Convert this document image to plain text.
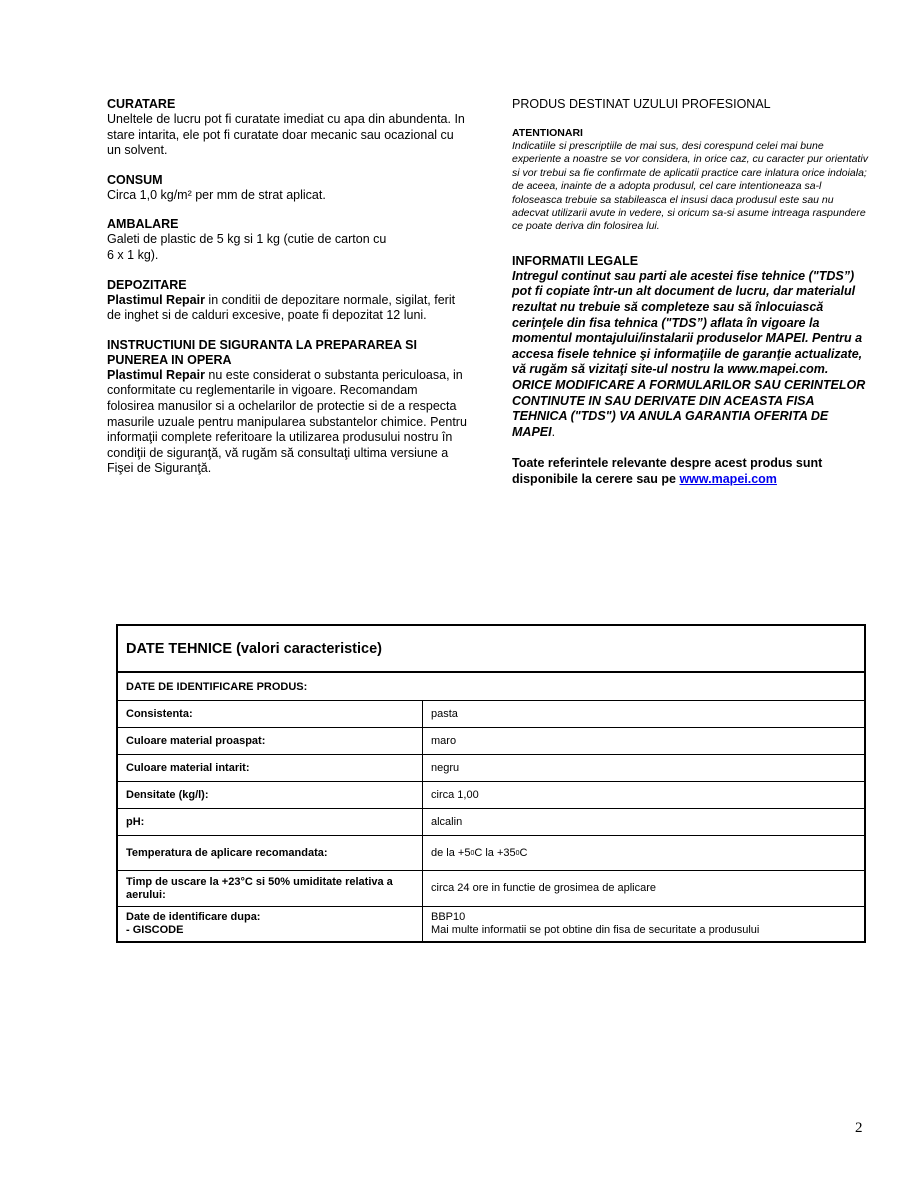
CURATARE

Uneltele de lucru pot fi curatate imediat cu apa din abundenta. In stare intarita, ele pot fi curatate doar mecanic sau ocazional cu un solvent.

CONSUM

Circa 1,0 kg/m² per mm de strat aplicat.

AMBALARE

Galeti de plastic de 5 kg si 1 kg (cutie de carton cu

6 x 1 kg).

DEPOZITARE

Plastimul Repair in conditii de depozitare normale, sigilat, ferit de inghet si de calduri excesive, poate fi depozitat 12 luni.

INSTRUCTIUNI DE SIGURANTA LA PREPARAREA SI

PUNEREA IN OPERA

Plastimul Repair nu este considerat o substanta periculoasa, in conformitate cu reglementarile in vigoare. Recomandam folosirea manusilor si a ochelarilor de protectie si de a respecta masurile uzuale pentru manipularea substantelor chimice. Pentru informaţii complete referitoare la utilizarea produsului nostru în condiţii de siguranţă, vă rugăm să consultaţi ultima versiune a Fişei de Siguranţă.

PRODUS DESTINAT UZULUI PROFESIONAL

ATENTIONARI

Indicatiile si prescriptiile de mai sus, desi corespund celei mai bune experiente a noastre se vor considera, in orice caz, cu caracter pur orientativ si vor trebui sa fie confirmate de aplicatii practice care inlatura orice indoiala; de aceea, inainte de a adopta produsul, cel care intentioneaza sa-l foloseasca trebuie sa stabileasca el insusi daca produsul este sau nu adecvat utilizarii avute in vedere, si oricum sa-si asume intreaga raspundere ce poate deriva din folosirea lui.

INFORMATII LEGALE

Intregul continut sau parti ale acestei fise tehnice ("TDS”) pot fi copiate într-un alt document de lucru, dar materialul rezultat nu trebuie să completeze sau să înlocuiască cerinţele din fisa tehnica ("TDS”) aflata în vigoare la momentul montajului/instalarii produselor MAPEI. Pentru a accesa fiselе tehnice şi informaţiile de garanţie actualizate, vă rugăm să vizitaţi site-ul nostru la www.mapei.com.

ORICE MODIFICARE A FORMULARILOR SAU CERINTELOR CONTINUTE IN SAU DERIVATE DIN ACEASTA FISA TEHNICA ("TDS") VA ANULA GARANTIA OFERITA DE MAPEI.

Toate referintele relevante despre acest produs sunt disponibile la cerere sau pe www.mapei.com

DATE TEHNICE (valori caracteristice)
DATE DE IDENTIFICARE PRODUS:
Consistenta:	pasta
Culoare material proaspat:	maro
Culoare material intarit:	negru
Densitate (kg/l):	circa 1,00
pH:	alcalin
Temperatura de aplicare recomandata:	de la +5 0 C la +35 0 C
Timp de uscare la +23°C si 50% umiditate relativa a aerului:
circa 24 ore in functie de grosimea de aplicare
Date de identificare dupa:
- GISCODE
BBP10
Mai multe informatii se pot obtine din fisa de securitate a produsului
2
